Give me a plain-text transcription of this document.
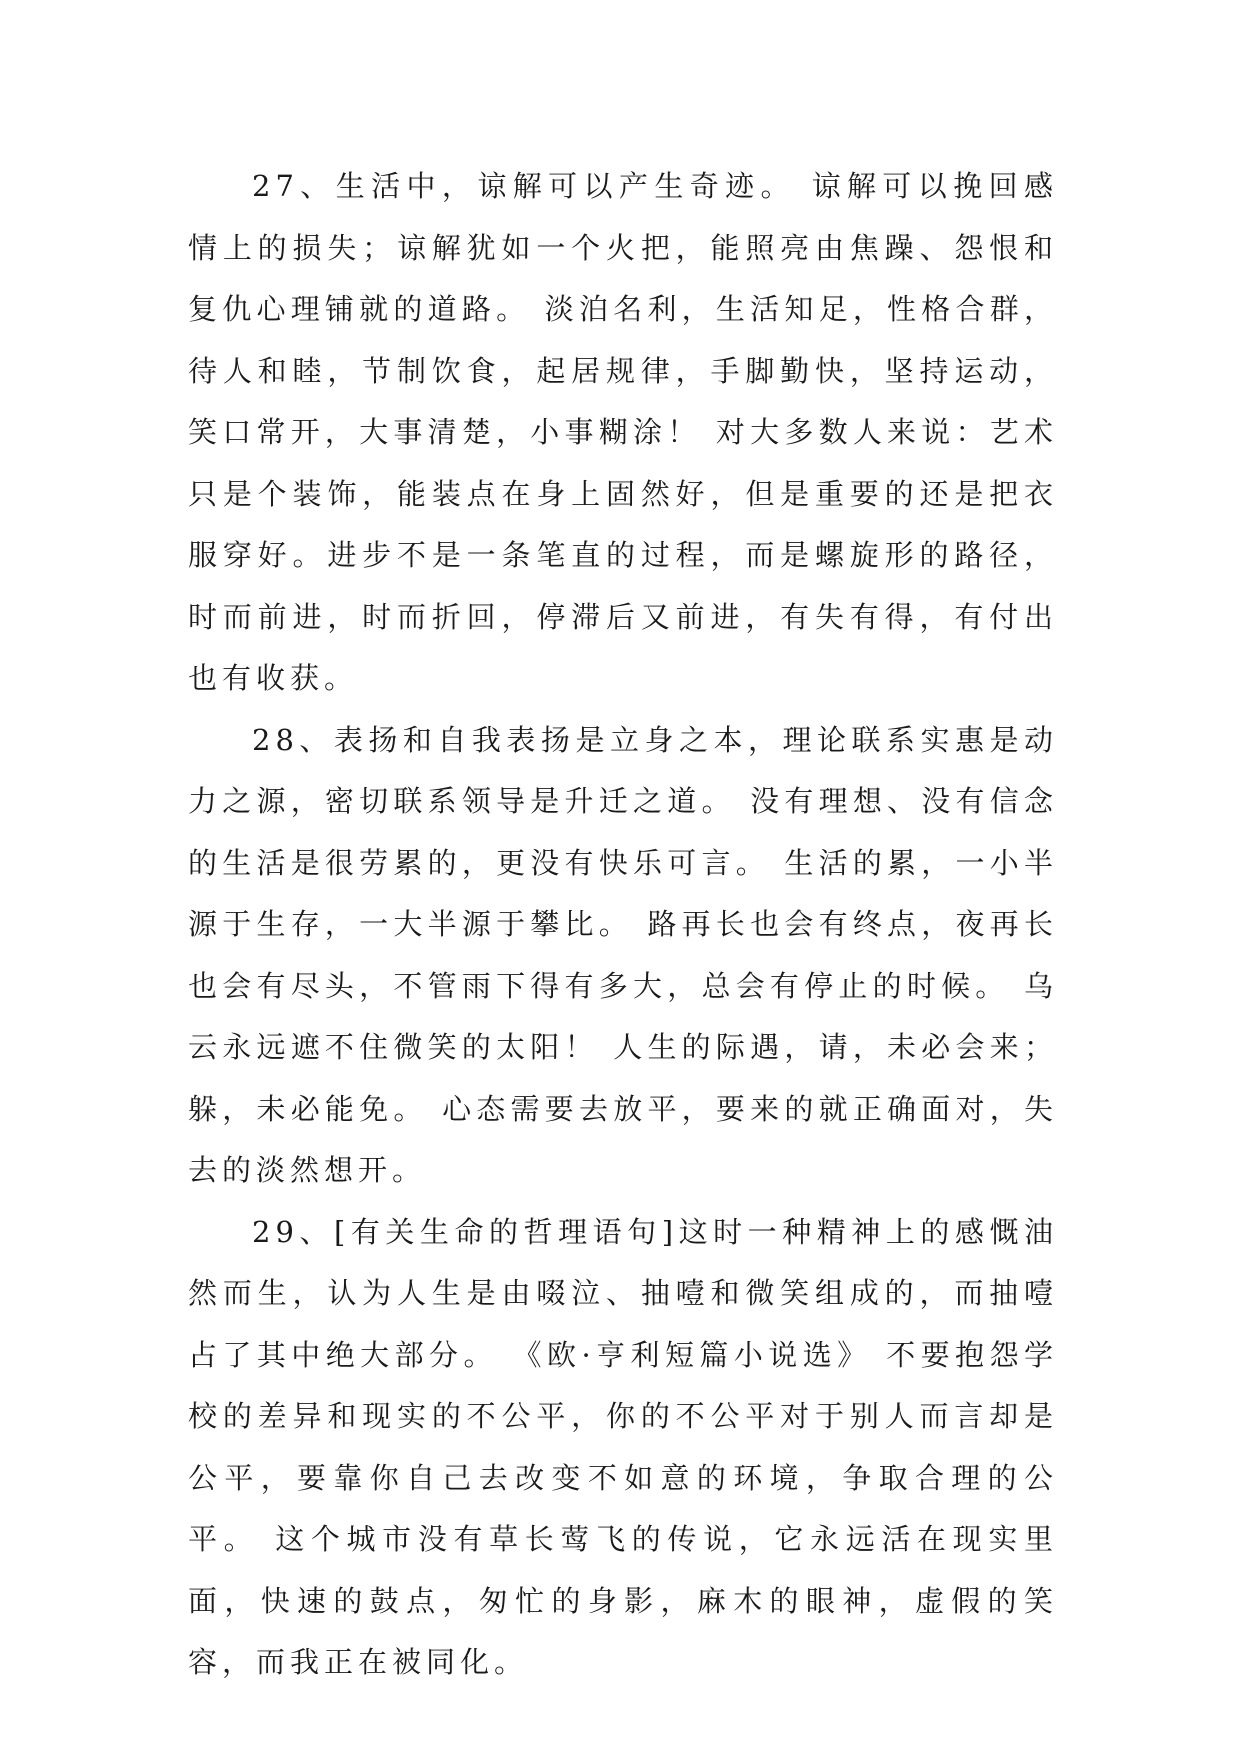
27、生活中，谅解可以产生奇迹。 谅解可以挽回感情上的损失；谅解犹如一个火把，能照亮由焦躁、怨恨和复仇心理铺就的道路。 淡泊名利，生活知足，性格合群，待人和睦，节制饮食，起居规律，手脚勤快，坚持运动，笑口常开，大事清楚，小事糊涂！ 对大多数人来说：艺术只是个装饰，能装点在身上固然好，但是重要的还是把衣服穿好。进步不是一条笔直的过程，而是螺旋形的路径，时而前进，时而折回，停滞后又前进，有失有得，有付出也有收获。

28、表扬和自我表扬是立身之本，理论联系实惠是动力之源，密切联系领导是升迁之道。 没有理想、没有信念的生活是很劳累的，更没有快乐可言。 生活的累，一小半源于生存，一大半源于攀比。 路再长也会有终点，夜再长也会有尽头，不管雨下得有多大，总会有停止的时候。 乌云永远遮不住微笑的太阳！ 人生的际遇，请，未必会来；躲，未必能免。 心态需要去放平，要来的就正确面对，失去的淡然想开。

29、[有关生命的哲理语句]这时一种精神上的感慨油然而生，认为人生是由啜泣、抽噎和微笑组成的，而抽噎占了其中绝大部分。 《欧·亨利短篇小说选》 不要抱怨学校的差异和现实的不公平，你的不公平对于别人而言却是公平，要靠你自己去改变不如意的环境，争取合理的公平。 这个城市没有草长莺飞的传说，它永远活在现实里面，快速的鼓点，匆忙的身影，麻木的眼神，虚假的笑容，而我正在被同化。
